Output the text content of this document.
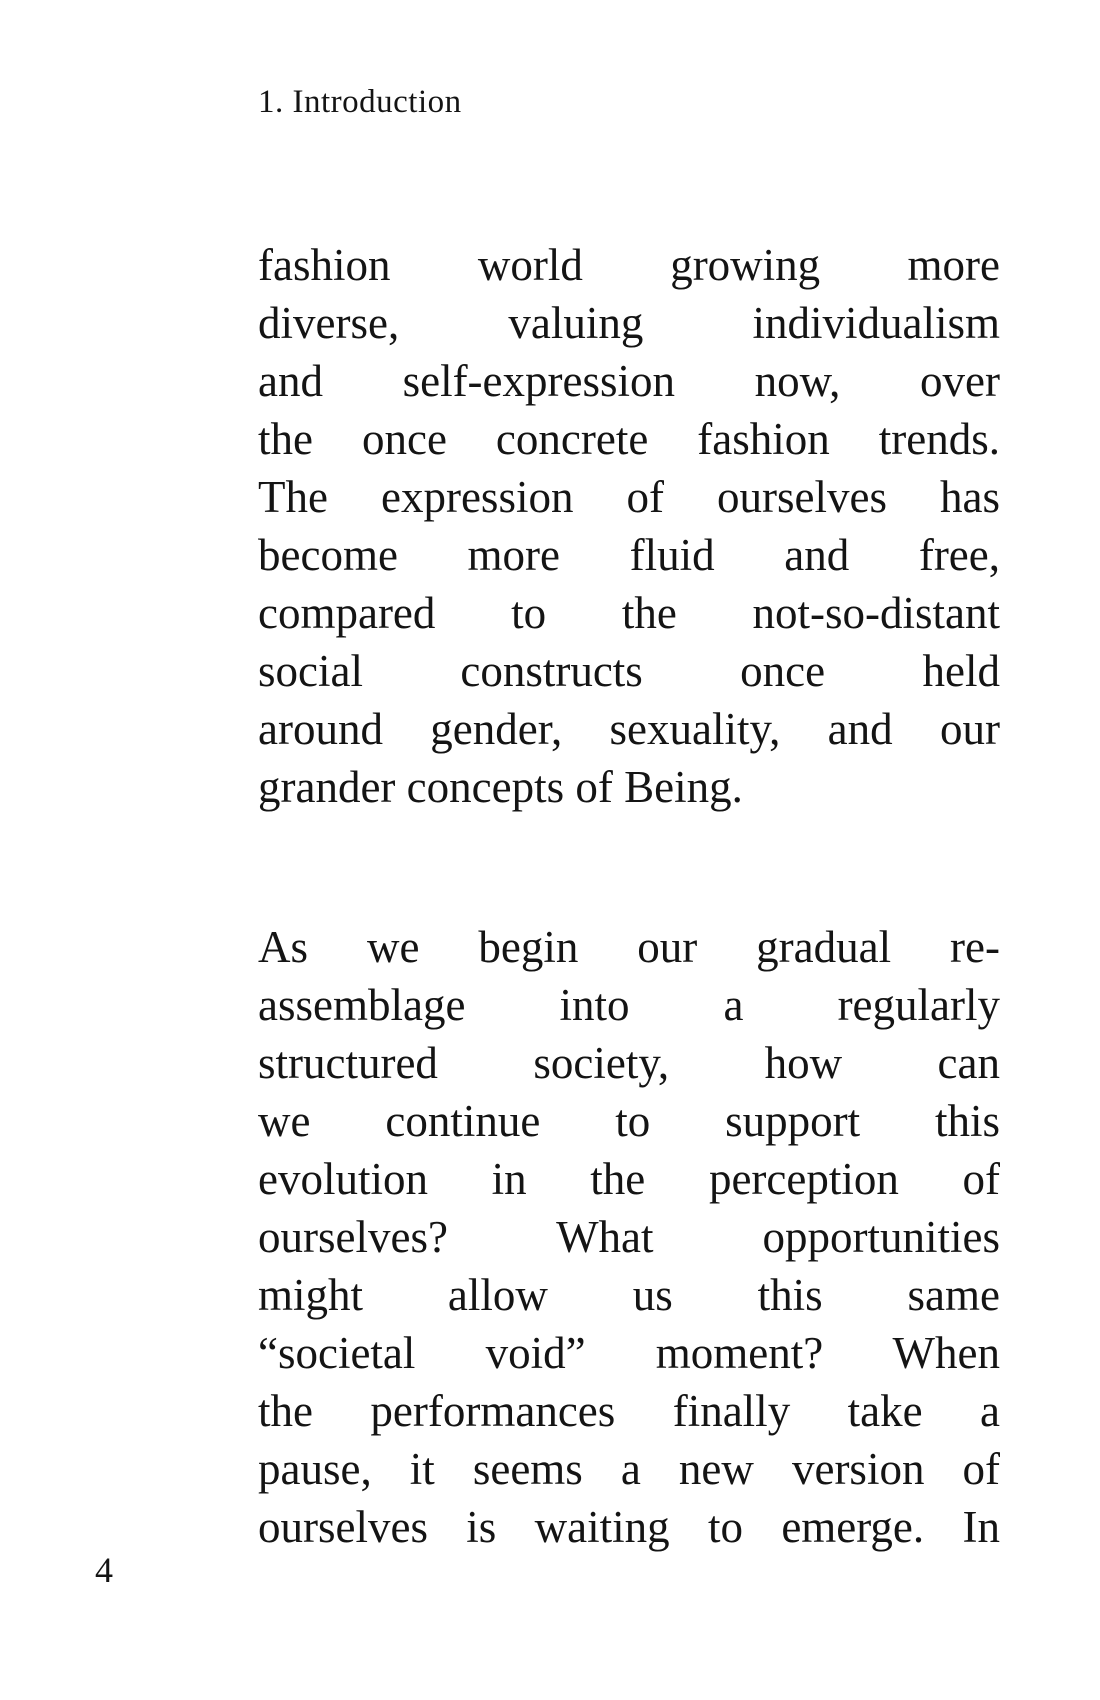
1. Introduction
fashion world growing more
diverse, valuing individualism
and self-expression now, over
the once concrete fashion trends.
The expression of ourselves has
become more fluid and free,
compared to the not-so-distant
social constructs once held
around gender, sexuality, and our
grander concepts of Being.
As we begin our gradual re-
assemblage into a regularly
structured society, how can
we continue to support this
evolution in the perception of
ourselves? What opportunities
might allow us this same
“societal void” moment? When
the performances finally take a
pause, it seems a new version of
ourselves is waiting to emerge. In
4
